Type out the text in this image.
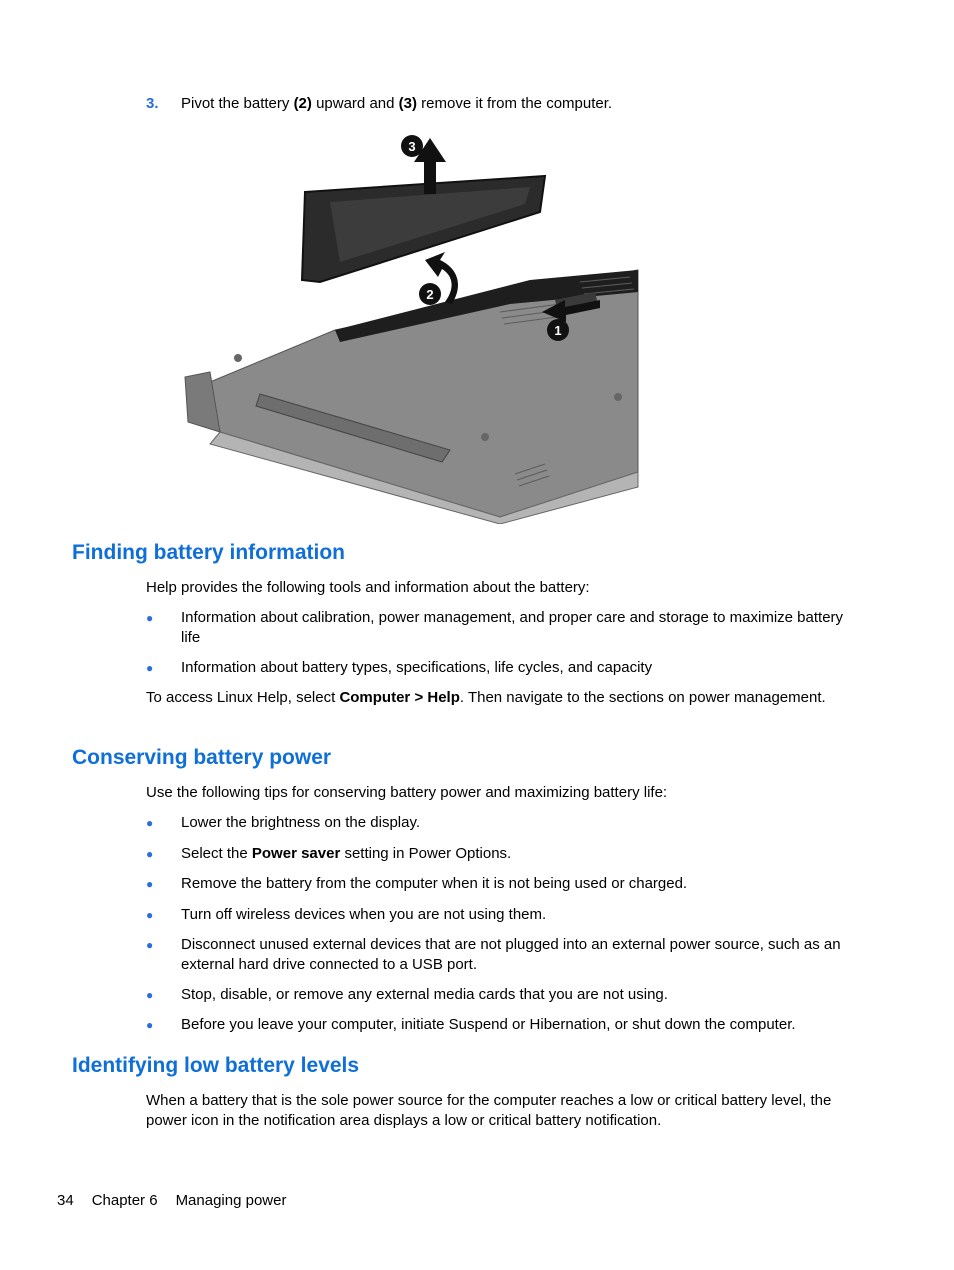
3. Pivot the battery (2) upward and (3) remove it from the computer.
1
2
3
Finding battery information
Help provides the following tools and information about the battery:
● Information about calibration, power management, and proper care and storage to maximize battery life
● Information about battery types, specifications, life cycles, and capacity
To access Linux Help, select Computer > Help. Then navigate to the sections on power management.
Conserving battery power
Use the following tips for conserving battery power and maximizing battery life:
● Lower the brightness on the display.
● Select the Power saver setting in Power Options.
● Remove the battery from the computer when it is not being used or charged.
● Turn off wireless devices when you are not using them.
● Disconnect unused external devices that are not plugged into an external power source, such as an external hard drive connected to a USB port.
● Stop, disable, or remove any external media cards that you are not using.
● Before you leave your computer, initiate Suspend or Hibernation, or shut down the computer.
Identifying low battery levels
When a battery that is the sole power source for the computer reaches a low or critical battery level, the power icon in the notification area displays a low or critical battery notification.
34 Chapter 6 Managing power
